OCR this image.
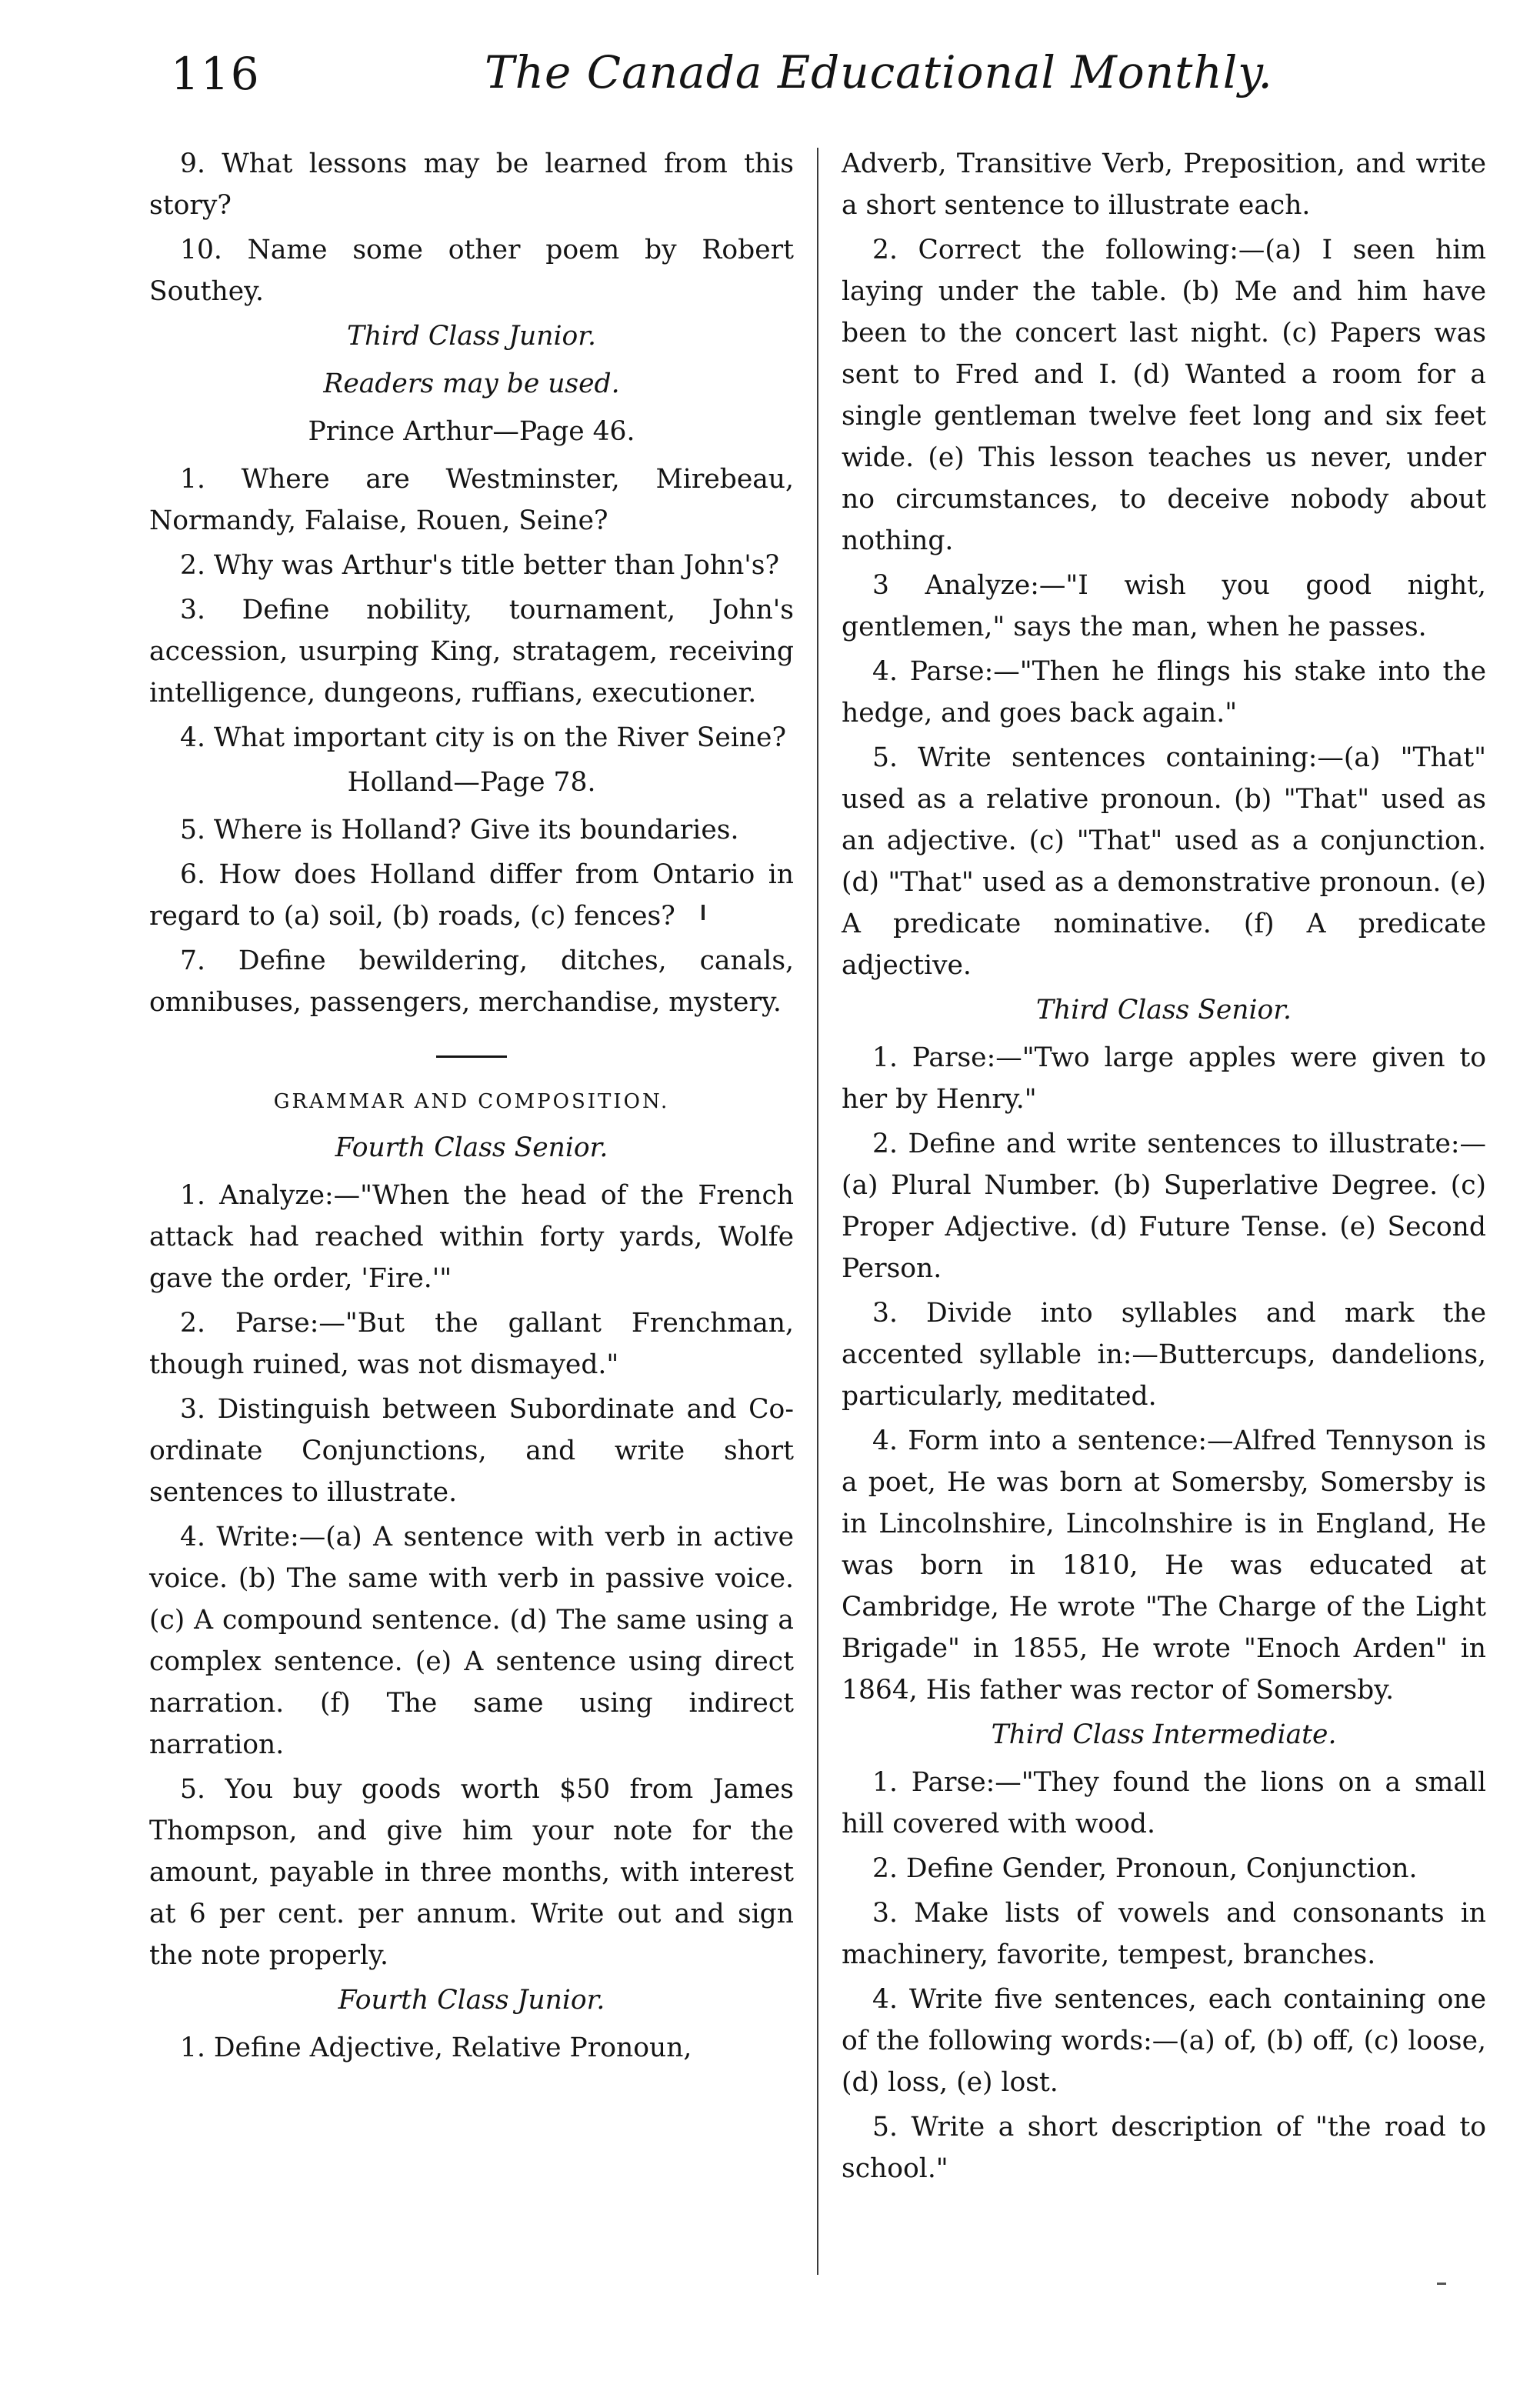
116	The Canada Educational Monthly.

9. What lessons may be learned from this story?

10. Name some other poem by Robert Southey.

Third Class Junior.

Readers may be used.

Prince Arthur—Page 46.

1. Where are Westminster, Mirebeau, Normandy, Falaise, Rouen, Seine?

2. Why was Arthur's title better than John's?

3. Define nobility, tournament, John's accession, usurping King, stratagem, receiving intelligence, dungeons, ruffians, executioner.

4. What important city is on the River Seine?

Holland—Page 78.

5. Where is Holland? Give its boundaries.

6. How does Holland differ from Ontario in regard to (a) soil, (b) roads, (c) fences?

7. Define bewildering, ditches, canals, omnibuses, passengers, merchandise, mystery.

GRAMMAR AND COMPOSITION.

Fourth Class Senior.

1. Analyze:—"When the head of the French attack had reached within forty yards, Wolfe gave the order, 'Fire.'"

2. Parse:—"But the gallant Frenchman, though ruined, was not dismayed."

3. Distinguish between Subordinate and Co-ordinate Conjunctions, and write short sentences to illustrate.

4. Write:—(a) A sentence with verb in active voice. (b) The same with verb in passive voice. (c) A compound sentence. (d) The same using a complex sentence. (e) A sentence using direct narration. (f) The same using indirect narration.

5. You buy goods worth $50 from James Thompson, and give him your note for the amount, payable in three months, with interest at 6 per cent. per annum. Write out and sign the note properly.

Fourth Class Junior.

1. Define Adjective, Relative Pronoun,

Adverb, Transitive Verb, Preposition, and write a short sentence to illustrate each.

2. Correct the following:—(a) I seen him laying under the table. (b) Me and him have been to the concert last night. (c) Papers was sent to Fred and I. (d) Wanted a room for a single gentleman twelve feet long and six feet wide. (e) This lesson teaches us never, under no circumstances, to deceive nobody about nothing.

3 Analyze:—"I wish you good night, gentlemen," says the man, when he passes.

4. Parse:—"Then he flings his stake into the hedge, and goes back again."

5. Write sentences containing:—(a) "That" used as a relative pronoun. (b) "That" used as an adjective. (c) "That" used as a conjunction. (d) "That" used as a demonstrative pronoun. (e) A predicate nominative. (f) A predicate adjective.

Third Class Senior.

1. Parse:—"Two large apples were given to her by Henry."

2. Define and write sentences to illustrate:—(a) Plural Number. (b) Superlative Degree. (c) Proper Adjective. (d) Future Tense. (e) Second Person.

3. Divide into syllables and mark the accented syllable in:—Buttercups, dandelions, particularly, meditated.

4. Form into a sentence:—Alfred Tennyson is a poet, He was born at Somersby, Somersby is in Lincolnshire, Lincolnshire is in England, He was born in 1810, He was educated at Cambridge, He wrote "The Charge of the Light Brigade" in 1855, He wrote "Enoch Arden" in 1864, His father was rector of Somersby.

Third Class Intermediate.

1. Parse:—"They found the lions on a small hill covered with wood.

2. Define Gender, Pronoun, Conjunction.

3. Make lists of vowels and consonants in machinery, favorite, tempest, branches.

4. Write five sentences, each containing one of the following words:—(a) of, (b) off, (c) loose, (d) loss, (e) lost.

5. Write a short description of "the road to school."
